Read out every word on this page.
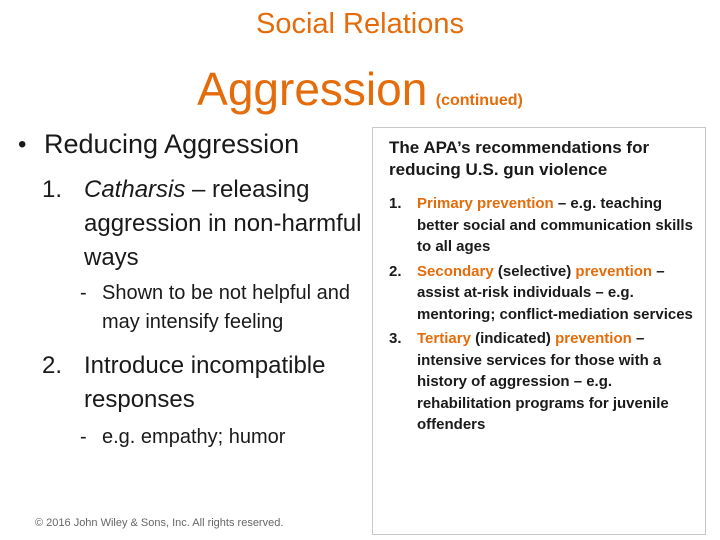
Social Relations
Aggression (continued)
• Reducing Aggression
1. Catharsis – releasing aggression in non-harmful ways
- Shown to be not helpful and may intensify feeling
2. Introduce incompatible responses
- e.g. empathy; humor
© 2016 John Wiley & Sons, Inc. All rights reserved.
The APA’s recommendations for reducing U.S. gun violence
1.	Primary prevention – e.g. teaching better social and communication skills to all ages
2.	Secondary (selective) prevention – assist at-risk individuals – e.g. mentoring; conflict-mediation services
3.	Tertiary (indicated) prevention – intensive services for those with a history of aggression – e.g. rehabilitation programs for juvenile offenders
